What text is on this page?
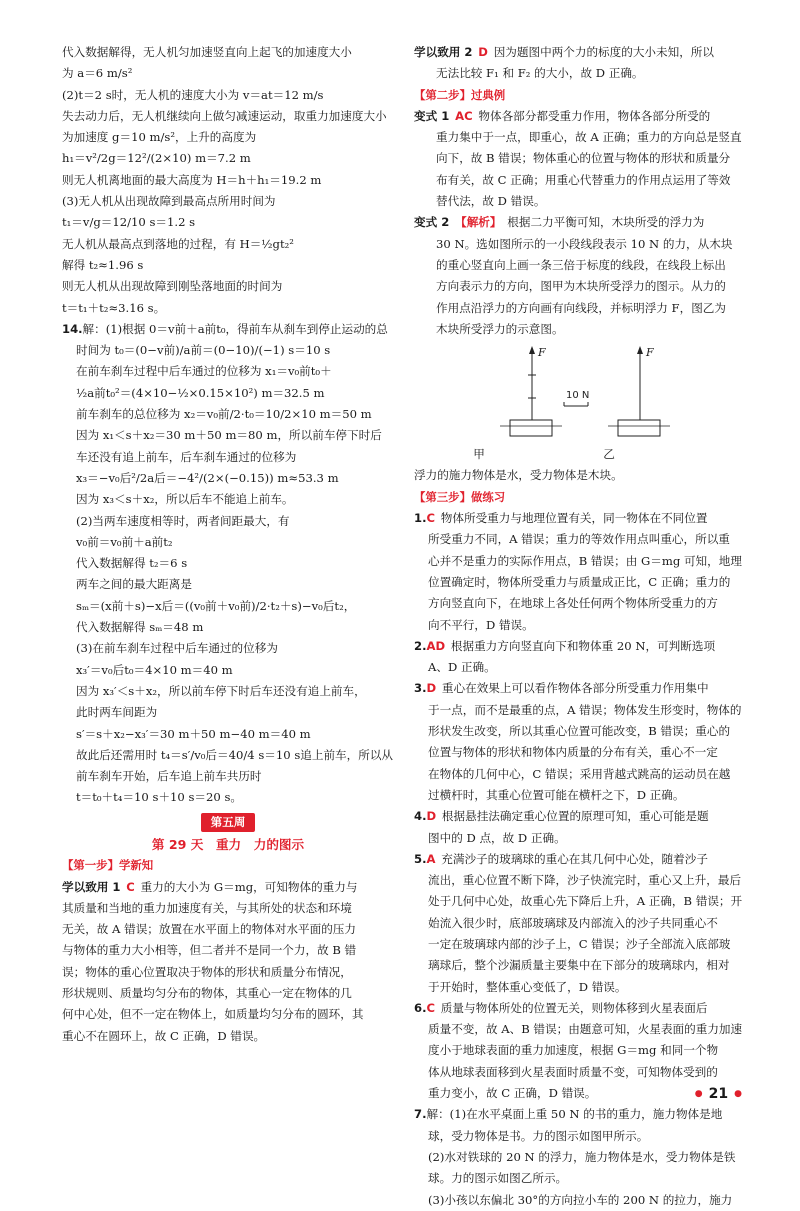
代入数据解得，无人机匀加速竖直向上起飞的加速度大小

为 a＝6 m/s²

(2)t＝2 s时，无人机的速度大小为 v＝at＝12 m/s

失去动力后，无人机继续向上做匀减速运动，取重力加速度大小

为加速度 g＝10 m/s²，上升的高度为

h₁＝v²/2g＝12²/(2×10) m＝7.2 m

则无人机离地面的最大高度为 H＝h＋h₁＝19.2 m

(3)无人机从出现故障到最高点所用时间为

t₁＝v/g＝12/10 s＝1.2 s

无人机从最高点到落地的过程，有 H＝½gt₂²

解得 t₂≈1.96 s

则无人机从出现故障到刚坠落地面的时间为

t＝t₁＋t₂≈3.16 s。

14.解：(1)根据 0＝v前＋a前t₀，得前车从刹车到停止运动的总

时间为 t₀＝(0−v前)/a前＝(0−10)/(−1) s＝10 s

在前车刹车过程中后车通过的位移为 x₁＝v₀前t₀＋

½a前t₀²＝(4×10−½×0.15×10²) m＝32.5 m

前车刹车的总位移为 x₂＝v₀前/2·t₀＝10/2×10 m＝50 m

因为 x₁＜s＋x₂＝30 m＋50 m＝80 m，所以前车停下时后

车还没有追上前车，后车刹车通过的位移为

x₃＝−v₀后²/2a后＝−4²/(2×(−0.15)) m≈53.3 m

因为 x₃＜s＋x₂，所以后车不能追上前车。

(2)当两车速度相等时，两者间距最大，有

v₀前＝v₀前＋a前t₂

代入数据解得 t₂＝6 s

两车之间的最大距离是

sₘ＝(x前＋s)−x后＝((v₀前＋v₀前)/2·t₂＋s)−v₀后t₂，

代入数据解得 sₘ＝48 m

(3)在前车刹车过程中后车通过的位移为

x₃′＝v₀后t₀＝4×10 m＝40 m

因为 x₃′＜s＋x₂，所以前车停下时后车还没有追上前车，

此时两车间距为

s′＝s＋x₂−x₃′＝30 m＋50 m−40 m＝40 m

故此后还需用时 t₄＝s′/v₀后＝40/4 s＝10 s追上前车，所以从

前车刹车开始，后车追上前车共历时

t＝t₀＋t₄＝10 s＋10 s＝20 s。

第五周
第 29 天　重力　力的图示
【第一步】学新知

学以致用 1  C  重力的大小为 G＝mg，可知物体的重力与

其质量和当地的重力加速度有关，与其所处的状态和环境

无关，故 A 错误；放置在水平面上的物体对水平面的压力

与物体的重力大小相等，但二者并不是同一个力，故 B 错

误；物体的重心位置取决于物体的形状和质量分布情况，

形状规则、质量均匀分布的物体，其重心一定在物体的几

何中心处，但不一定在物体上，如质量均匀分布的圆环，其

重心不在圆环上，故 C 正确，D 错误。

学以致用 2  D  因为题图中两个力的标度的大小未知，所以

无法比较 F₁ 和 F₂ 的大小，故 D 正确。

【第二步】过典例

变式 1  AC  物体各部分都受重力作用，物体各部分所受的

重力集中于一点，即重心，故 A 正确；重力的方向总是竖直

向下，故 B 错误；物体重心的位置与物体的形状和质量分

布有关，故 C 正确；用重心代替重力的作用点运用了等效

替代法，故 D 错误。

变式 2  【解析】  根据二力平衡可知，木块所受的浮力为

30 N。选如图所示的一小段线段表示 10 N 的力，从木块

的重心竖直向上画一条三倍于标度的线段，在线段上标出

方向表示力的方向，图甲为木块所受浮力的图示。从力的

作用点沿浮力的方向画有向线段，并标明浮力 F，图乙为

木块所受浮力的示意图。

F
10 N
F
甲	乙

浮力的施力物体是水，受力物体是木块。

【第三步】做练习

1.C  物体所受重力与地理位置有关，同一物体在不同位置

所受重力不同，A 错误；重力的等效作用点叫重心，所以重

心并不是重力的实际作用点，B 错误；由 G＝mg 可知，地理

位置确定时，物体所受重力与质量成正比，C 正确；重力的

方向竖直向下，在地球上各处任何两个物体所受重力的方

向不平行，D 错误。

2.AD  根据重力方向竖直向下和物体重 20 N，可判断选项

A、D 正确。

3.D  重心在效果上可以看作物体各部分所受重力作用集中

于一点，而不是最重的点，A 错误；物体发生形变时，物体的

形状发生改变，所以其重心位置可能改变，B 错误；重心的

位置与物体的形状和物体内质量的分布有关，重心不一定

在物体的几何中心，C 错误；采用背越式跳高的运动员在越

过横杆时，其重心位置可能在横杆之下，D 正确。

4.D  根据悬挂法确定重心位置的原理可知，重心可能是题

图中的 D 点，故 D 正确。

5.A  充满沙子的玻璃球的重心在其几何中心处，随着沙子

流出，重心位置不断下降，沙子快流完时，重心又上升，最后

处于几何中心处，故重心先下降后上升，A 正确，B 错误；开

始流入很少时，底部玻璃球及内部流入的沙子共同重心不

一定在玻璃球内部的沙子上，C 错误；沙子全部流入底部玻

璃球后，整个沙漏质量主要集中在下部分的玻璃球内，相对

于开始时，整体重心变低了，D 错误。

6.C  质量与物体所处的位置无关，则物体移到火星表面后

质量不变，故 A、B 错误；由题意可知，火星表面的重力加速

度小于地球表面的重力加速度，根据 G＝mg 和同一个物

体从地球表面移到火星表面时质量不变，可知物体受到的

重力变小，故 C 正确，D 错误。

7.解：(1)在水平桌面上重 50 N 的书的重力，施力物体是地

球，受力物体是书。力的图示如图甲所示。

(2)水对铁球的 20 N 的浮力，施力物体是水，受力物体是铁

球。力的图示如图乙所示。

(3)小孩以东偏北 30°的方向拉小车的 200 N 的拉力，施力

● 21 ●
